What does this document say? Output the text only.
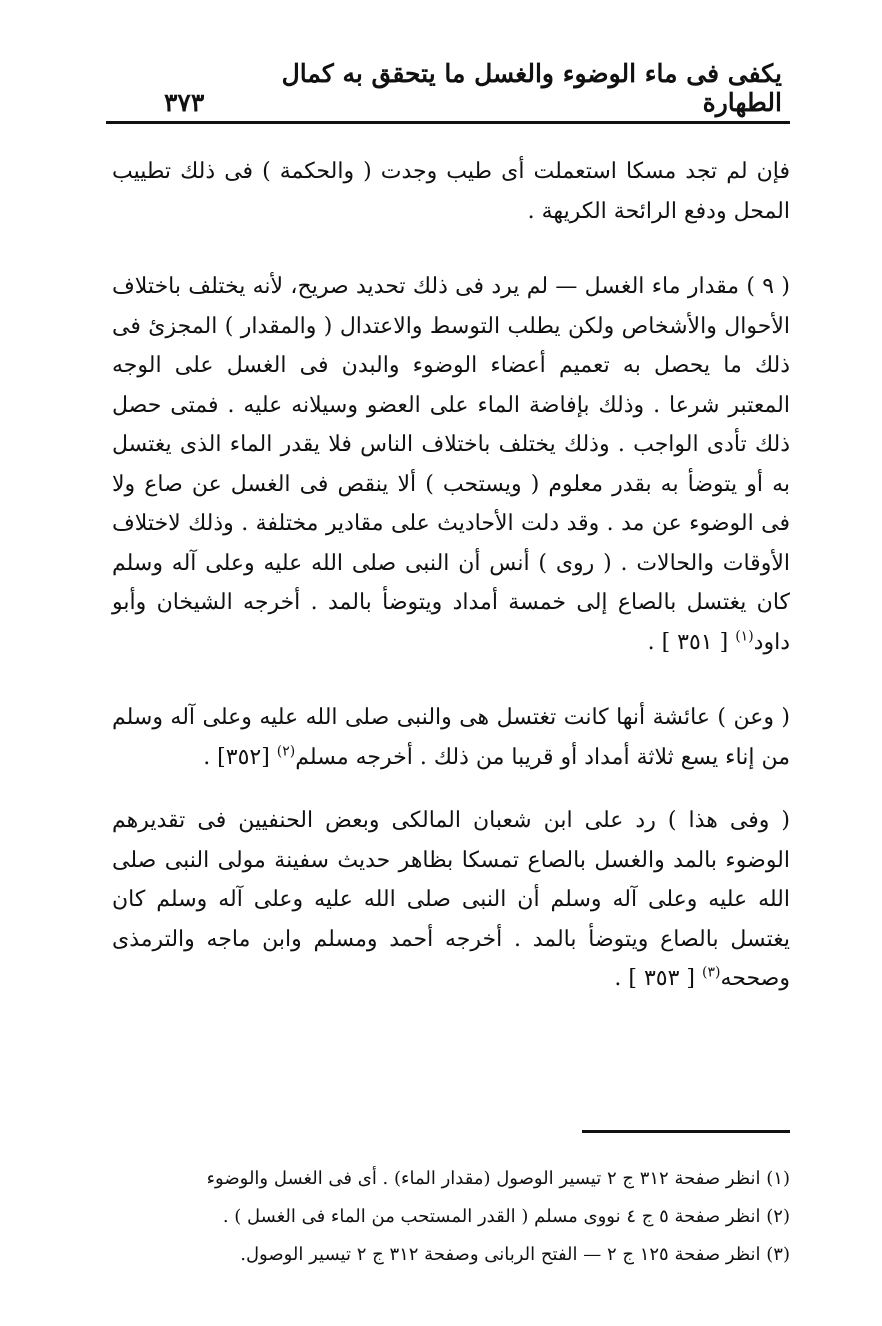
يكفى فى ماء الوضوء والغسل ما يتحقق به كمال الطهارة
٣٧٣

فإن لم تجد مسكا استعملت أى طيب وجدت ( والحكمة ) فى ذلك تطييب المحل ودفع الرائحة الكريهة .

( ٩ ) مقدار ماء الغسل — لم يرد فى ذلك تحديد صريح، لأنه يختلف باختلاف الأحوال والأشخاص ولكن يطلب التوسط والاعتدال ( والمقدار ) المجزئ فى ذلك ما يحصل به تعميم أعضاء الوضوء والبدن فى الغسل على الوجه المعتبر شرعا . وذلك بإفاضة الماء على العضو وسيلانه عليه . فمتى حصل ذلك تأدى الواجب . وذلك يختلف باختلاف الناس فلا يقدر الماء الذى يغتسل به أو يتوضأ به بقدر معلوم ( ويستحب ) ألا ينقص فى الغسل عن صاع ولا فى الوضوء عن مد . وقد دلت الأحاديث على مقادير مختلفة . وذلك لاختلاف الأوقات والحالات . ( روى ) أنس أن النبى صلى الله عليه وعلى آله وسلم كان يغتسل بالصاع إلى خمسة أمداد ويتوضأ بالمد . أخرجه الشيخان وأبو داود$^{(١)}$ [ ٣٥١ ] .

( وعن ) عائشة أنها كانت تغتسل هى والنبى صلى الله عليه وعلى آله وسلم من إناء يسع ثلاثة أمداد أو قريبا من ذلك . أخرجه مسلم$^{(٢)}$ [٣٥٢] .

( وفى هذا ) رد على ابن شعبان المالكى وبعض الحنفيين فى تقديرهم الوضوء بالمد والغسل بالصاع تمسكا بظاهر حديث سفينة مولى النبى صلى الله عليه وعلى آله وسلم أن النبى صلى الله عليه وعلى آله وسلم كان يغتسل بالصاع ويتوضأ بالمد . أخرجه أحمد ومسلم وابن ماجه والترمذى وصححه$^{(٣)}$ [ ٣٥٣ ] .

(١) انظر صفحة ٣١٢ ج ٢ تيسير الوصول (مقدار الماء) . أى فى الغسل والوضوء
(٢) انظر صفحة ٥ ج ٤ نووى مسلم ( القدر المستحب من الماء فى الغسل ) .
(٣) انظر صفحة ١٢٥ ج ٢ — الفتح الربانى وصفحة ٣١٢ ج ٢ تيسير الوصول.
